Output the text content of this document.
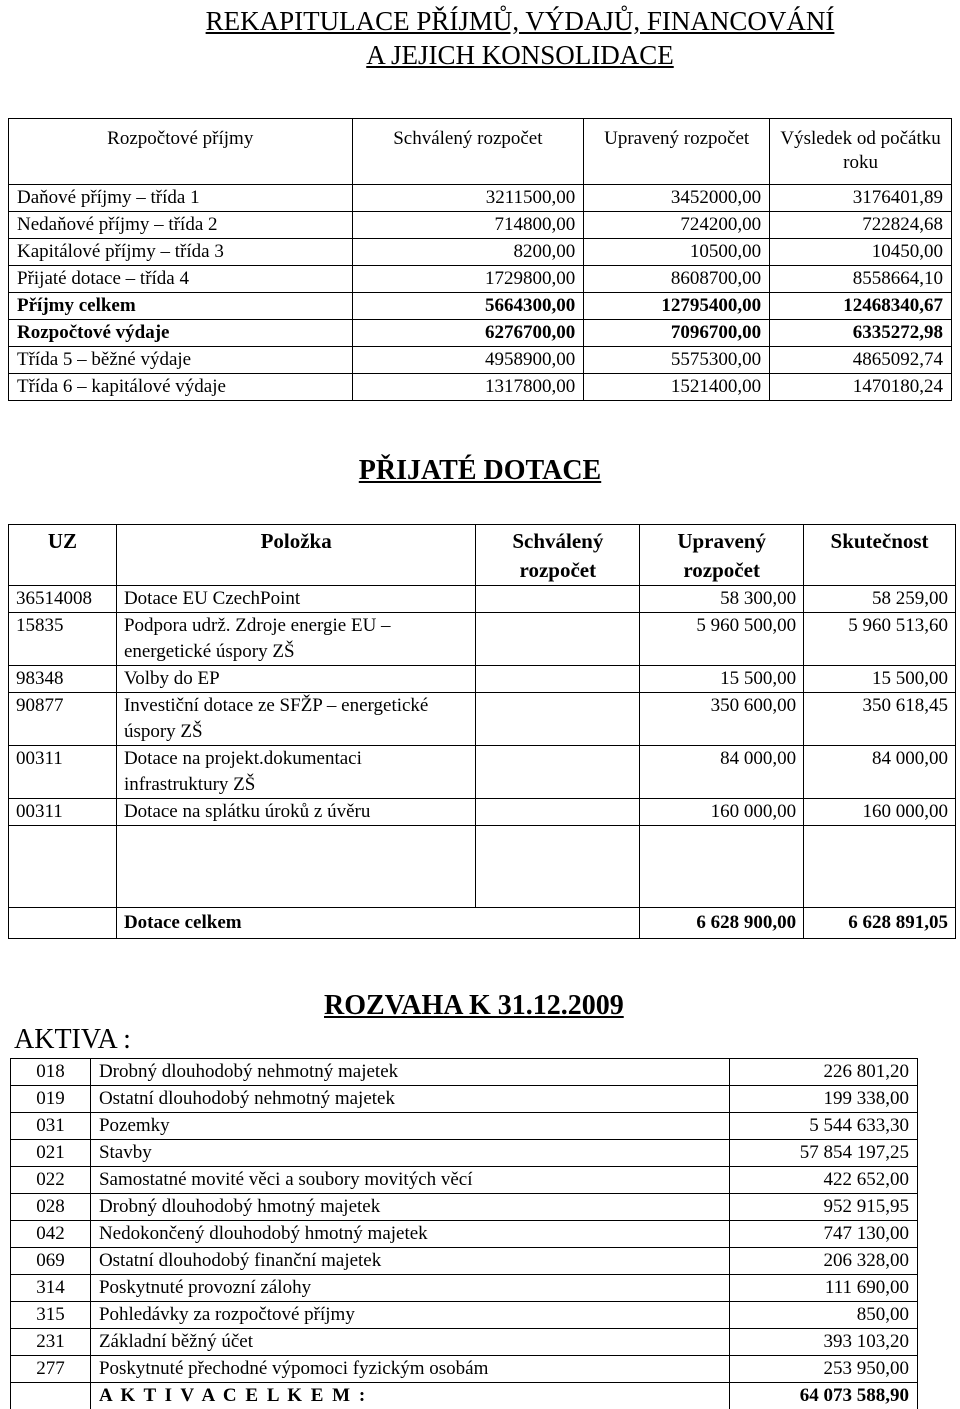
REKAPITULACE PŘÍJMŮ, VÝDAJŮ, FINANCOVÁNÍ
A JEJICH KONSOLIDACE
Rozpočtové příjmy	Schválený rozpočet	Upravený rozpočet	Výsledek od počátku roku
Daňové příjmy – třída 1	3211500,00	3452000,00	3176401,89
Nedaňové příjmy – třída 2	714800,00	724200,00	722824,68
Kapitálové příjmy – třída 3	8200,00	10500,00	10450,00
Přijaté dotace – třída 4	1729800,00	8608700,00	8558664,10
Příjmy celkem	5664300,00	12795400,00	12468340,67
Rozpočtové výdaje	6276700,00	7096700,00	6335272,98
Třída 5 – běžné výdaje	4958900,00	5575300,00	4865092,74
Třída 6 – kapitálové výdaje	1317800,00	1521400,00	1470180,24
PŘIJATÉ DOTACE
UZ	Položka	Schválený rozpočet	Upravený rozpočet	Skutečnost
36514008	Dotace EU CzechPoint		58 300,00	58 259,00
15835	Podpora udrž. Zdroje energie EU – energetické úspory ZŠ		5 960 500,00	5 960 513,60
98348	Volby do EP		15 500,00	15 500,00
90877	Investiční dotace ze SFŽP – energetické úspory ZŠ		350 600,00	350 618,45
00311	Dotace na projekt.dokumentaci infrastruktury ZŠ		84 000,00	84 000,00
00311	Dotace na splátku úroků z úvěru		160 000,00	160 000,00

	Dotace celkem		6 628 900,00	6 628 891,05
ROZVAHA K 31.12.2009
AKTIVA :
018	Drobný dlouhodobý nehmotný majetek	226 801,20
019	Ostatní dlouhodobý nehmotný majetek	199 338,00
031	Pozemky	5 544 633,30
021	Stavby	57 854 197,25
022	Samostatné movité věci a soubory movitých věcí	422 652,00
028	Drobný dlouhodobý hmotný majetek	952 915,95
042	Nedokončený dlouhodobý hmotný majetek	747 130,00
069	Ostatní dlouhodobý finanční majetek	206 328,00
314	Poskytnuté provozní zálohy	111 690,00
315	Pohledávky za rozpočtové příjmy	850,00
231	Základní běžný účet	393 103,20
277	Poskytnuté přechodné výpomoci fyzickým osobám	253 950,00
	A K T I V A C E L K E M :	64 073 588,90
